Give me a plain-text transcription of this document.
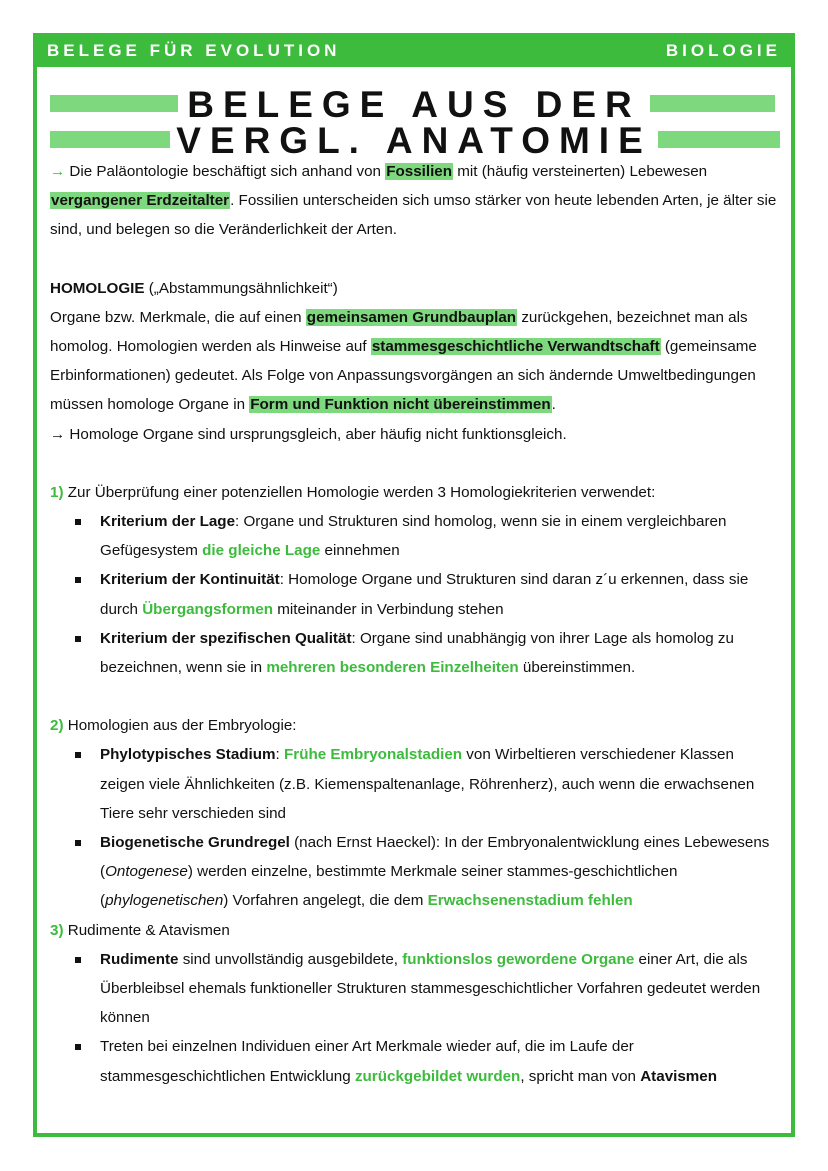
BELEGE FÜR EVOLUTION	BIOLOGIE
BELEGE AUS DER
VERGL. ANATOMIE

→ Die Paläontologie beschäftigt sich anhand von Fossilien mit (häufig versteinerten) Lebewesen vergangener Erdzeitalter. Fossilien unterscheiden sich umso stärker von heute lebenden Arten, je älter sie sind, und belegen so die Veränderlichkeit der Arten.

HOMOLOGIE („Abstammungsähnlichkeit“)

Organe bzw. Merkmale, die auf einen gemeinsamen Grundbauplan zurückgehen, bezeichnet man als homolog. Homologien werden als Hinweise auf stammesgeschichtliche Verwandtschaft (gemeinsame Erbinformationen) gedeutet. Als Folge von Anpassungsvorgängen an sich ändernde Umweltbedingungen müssen homologe Organe in Form und Funktion nicht übereinstimmen.

→ Homologe Organe sind ursprungsgleich, aber häufig nicht funktionsgleich.

1) Zur Überprüfung einer potenziellen Homologie werden 3 Homologiekriterien verwendet:

Kriterium der Lage: Organe und Strukturen sind homolog, wenn sie in einem vergleichbaren Gefügesystem die gleiche Lage einnehmen
Kriterium der Kontinuität: Homologe Organe und Strukturen sind daran z´u erkennen, dass sie durch Übergangsformen miteinander in Verbindung stehen
Kriterium der spezifischen Qualität: Organe sind unabhängig von ihrer Lage als homolog zu bezeichnen, wenn sie in mehreren besonderen Einzelheiten übereinstimmen.

2) Homologien aus der Embryologie:

Phylotypisches Stadium: Frühe Embryonalstadien von Wirbeltieren verschiedener Klassen zeigen viele Ähnlichkeiten (z.B. Kiemenspaltenanlage, Röhrenherz), auch wenn die erwachsenen Tiere sehr verschieden sind
Biogenetische Grundregel (nach Ernst Haeckel): In der Embryonalentwicklung eines Lebewesens (Ontogenese) werden einzelne, bestimmte Merkmale seiner stammes-geschichtlichen (phylogenetischen) Vorfahren angelegt, die dem Erwachsenenstadium fehlen

3) Rudimente & Atavismen

Rudimente sind unvollständig ausgebildete, funktionslos gewordene Organe einer Art, die als Überbleibsel ehemals funktioneller Strukturen stammesgeschichtlicher Vorfahren gedeutet werden können
Treten bei einzelnen Individuen einer Art Merkmale wieder auf, die im Laufe der stammesgeschichtlichen Entwicklung zurückgebildet wurden, spricht man von Atavismen
